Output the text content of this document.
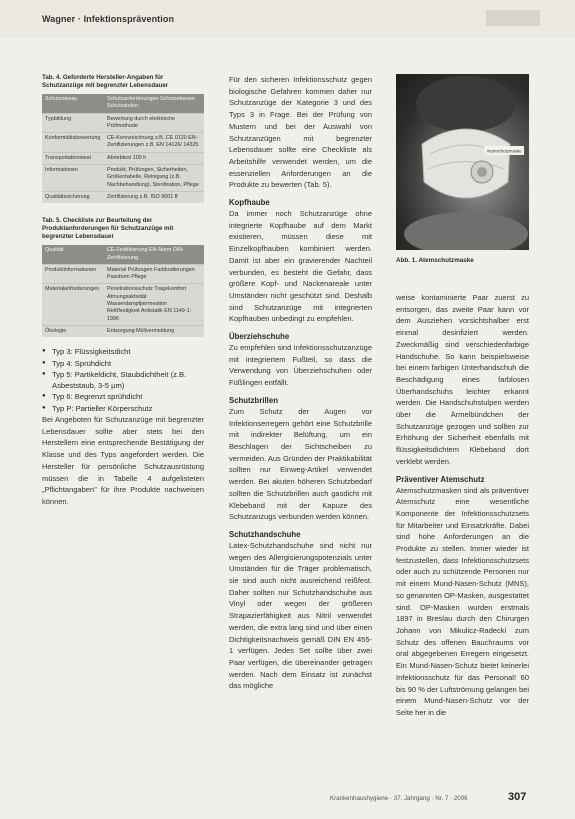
Wagner · Infektionsprävention
Tab. 4. Geforderte Hersteller-Angaben für Schutzanzüge mit begrenzter Lebensdauer
Schutzniveau	Schutzanforderungen Schutzebenen Schutzstufen
Typbildung	Bewertung durch elektrische Prüfmethode
Konformitätsbewertung	CE-Kennzeichnung z.B. CE 0120 EN-Zertifizierungen z.B. EN 14126/ 14325
Transportationstest	Abriebtest 100 h
Informationen	Produkt, Prüfungen, Sicherheiten, Größentabelle, Reinigung (z.B. Nachbehandlung), Sterilisation, Pflege
Qualitätssicherung	Zertifizierung z.B. ISO 9001 ff
Tab. 5. Checkliste zur Beurteilung der Produktanforderungen für Schutzanzüge mit begrenzter Lebensdauer
Qualität	CE-Zertifizierung EN-Norm DIN-Zertifizierung
Produktinformationen	Material Prüfungen Farbkodierungen Passform Pflege
Materialanforderungen	Penetrationsschutz Tragekomfort Atmungsaktivität Wasserdampfpermeation Reißfestigkeit Antistatik EN 1149-1: 1996
Ökologie	Entsorgung Müllvermeidung
● Typ 3: Flüssigkeitsdicht
● Typ 4: Sprühdicht
● Typ 5: Partikeldicht, Staubdichtheit (z.B. Asbeststaub, 3-5 µm)
● Typ 6: Begrenzt sprühdicht
● Typ P: Partieller Körperschutz

Bei Angeboten für Schutzanzüge mit begrenzter Lebensdauer sollte aber stets bei den Herstellern eine entsprechende Bestätigung der Klasse und des Typs angefordert werden. Die Hersteller für persönliche Schutzausrüstung müssen die in Tabelle 4 aufgelisteten „Pflichtangaben" für ihre Produkte nachweisen können.

Für den sicheren Infektionsschutz gegen biologische Gefahren kommen daher nur Schutzanzüge der Kategorie 3 und des Typs 3 in Frage. Bei der Prüfung von Mustern und bei der Auswahl von Schutzanzügen mit begrenzter Lebensdauer sollte eine Checkliste als Arbeitshilfe verwendet werden, um die essenziellen Anforderungen an die Produkte zu bewerten (Tab. 5).

Kopfhaube

Da immer noch Schutzanzüge ohne integrierte Kopfhaube auf dem Markt existieren, müssen diese mit Einzelkopfhauben kombiniert werden. Damit ist aber ein gravierender Nachteil verbunden, es besteht die Gefahr, dass größere Kopf- und Nackenareale unter Umständen nicht geschützt sind. Deshalb sind Schutzanzüge mit integrierten Kopfhauben unbedingt zu empfehlen.

Überziehschuhe

Zu empfehlen sind Infektionsschutzanzüge mit integriertem Fußteil, so dass die Verwendung von Überziehschuhen oder Füßlingen entfällt.

Schutzbrillen

Zum Schutz der Augen vor Infektionserregern gehört eine Schutzbrille mit indirekter Belüftung, um ein Beschlagen der Sichtscheiben zu vermeiden. Aus Gründen der Praktikabilität sollten nur Einweg-Artikel verwendet werden. Bei akuten höheren Schutzbedarf sollten die Schutzbrillen auch gasdicht mit Klebeband mit der Kapuze des Schutzanzugs verbunden werden können.

Schutzhandschuhe

Latex-Schutzhandschuhe sind nicht nur wegen des Allergisierungspotenzials unter Umständen für die Träger problematisch, sie sind auch nicht ausreichend reißfest. Daher sollten nur Schutzhandschuhe aus Vinyl oder wegen der größeren Strapazierfähigkeit aus Nitril verwendet werden, die extra lang sind und über einen Dichtigkeitsnachweis gemäß DIN EN 455-1 verfügen. Jedes Set sollte über zwei Paar verfügen, die übereinander getragen werden. Nach dem Einsatz ist zunächst das mögliche

Atemschutzmaske
Abb. 1. Atemschutzmaske

weise kontaminierte Paar zuerst zu entsorgen, das zweite Paar kann vor dem Ausziehen vorsichtshalber erst einmal desinfiziert werden. Zweckmäßig sind verschiedenfarbige Handschuhe. So kann beispielsweise bei einem farbigen Unterhandschuh die Beschädigung eines farblosen Überhandschuhs leichter erkannt werden. Die Handschuhstulpen werden über die Ärmelbündchen der Schutzanzüge gezogen und sollten zur Erhöhung der Sicherheit ebenfalls mit flüssigkeitsdichtem Klebeband dort verklebt werden.

Präventiver Atemschutz

Atemschutzmasken sind als präventiver Atemschutz eine wesentliche Komponente der Infektionsschutzsets für Mitarbeiter und Einsatzkräfte. Dabei sind hohe Anforderungen an die Produkte zu stellen. Immer wieder ist festzustellen, dass Infektionsschutzsets oder auch zu schützende Personen nur mit einem Mund-Nasen-Schutz (MNS), so genannten OP-Masken, ausgestattet sind. OP-Masken wurden erstmals 1897 in Breslau durch den Chirurgen Johann von Mikulicz-Radecki zum Schutz des offenen Bauchraums vor oral abgegebenen Erregern eingesetzt. Ein Mund-Nasen-Schutz bietet keinerlei Infektionsschutz für das Personal! 60 bis 90 % der Luftströmung gelangen bei einem Mund-Nasen-Schutz vor der Seite her in die

Krankenhaushygiene · 37. Jahrgang · Nr. 7 · 2006	307
